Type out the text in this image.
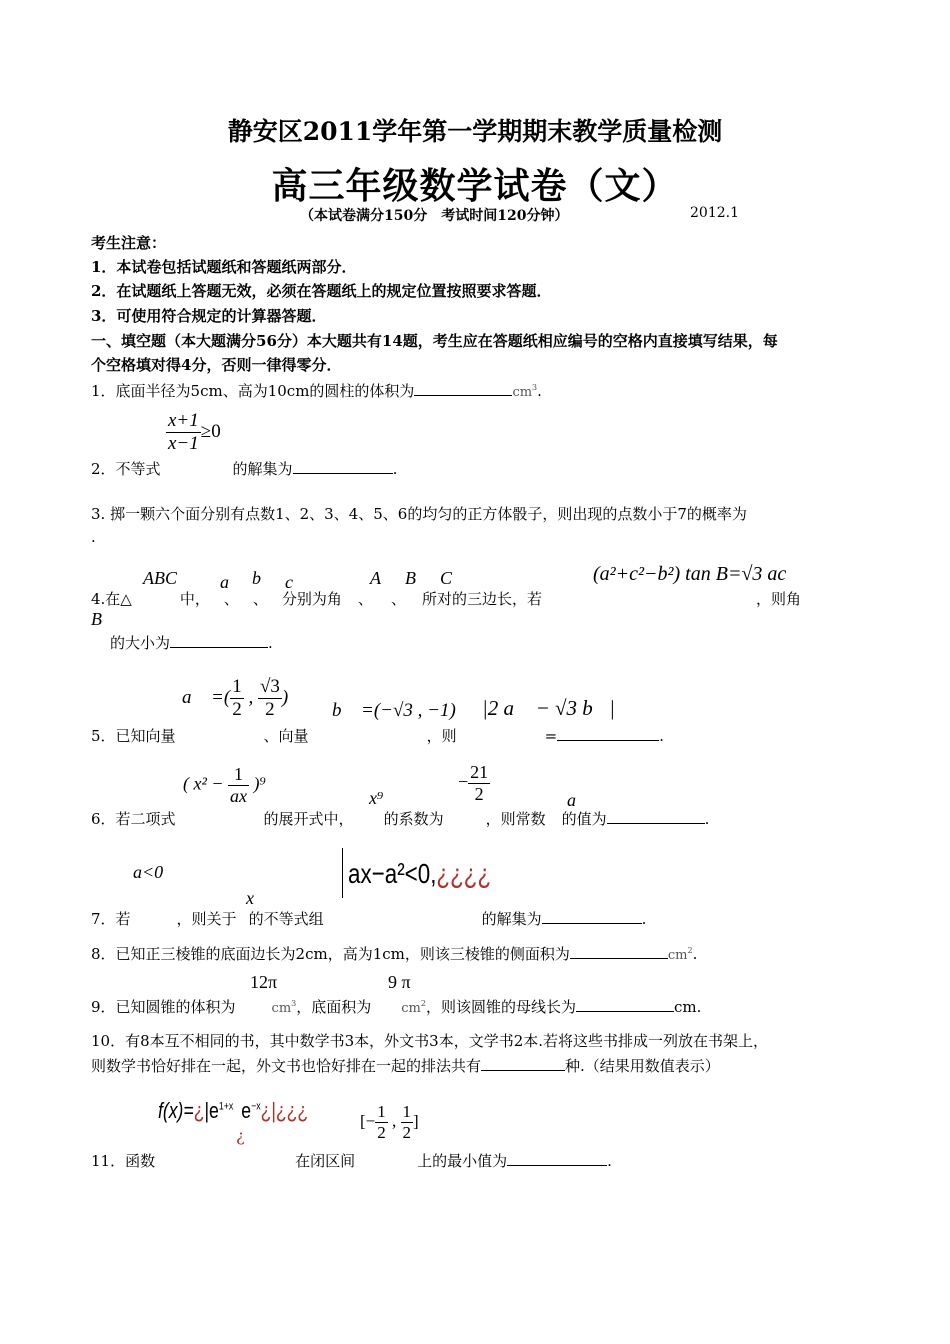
静安区2011学年第一学期期末教学质量检测
高三年级数学试卷（文）
（本试卷满分150分　考试时间120分钟）	2012.1
考生注意：
1．本试卷包括试题纸和答题纸两部分．
2．在试题纸上答题无效，必须在答题纸上的规定位置按照要求答题．
3．可使用符合规定的计算器答题．
一、填空题（本大题满分56分）本大题共有14题，考生应在答题纸相应编号的空格内直接填写结果，每
个空格填对得4分，否则一律得零分．
1．底面半径为5cm、高为10cm的圆柱的体积为	$cm^3$.
$\frac{x+1}{x-1} \ge 0$
2．不等式	的解集为	.
3. 掷一颗六个面分别有点数1、2、3、4、5、6的均匀的正方体骰子，则出现的点数小于7的概率为
.
ABC a b c	A B C	(a²+c²−b²) tan B=√3 ac
4.在△	中， 、 、 分别为角 、 、 所对的三边长，若	，则角
B
的大小为	.
a⃗ =( $\frac{1}{2}$ , $\frac{√3}{2}$ )
b⃗ =(−√3 , −1) |2 a⃗ − √3 b⃗|
5．已知向量	、向量	，则	=	.
( $x^2 - \frac{1}{ax} )^9$
x⁹
− $\frac{21}{2}$	a
6．若二项式	的展开式中， 的系数为	，则常数 的值为	.
a<0
x
ax−a²<0,¿¿¿¿
7．若	，则关于 的不等式组	的解集为	.
8．已知正三棱锥的底面边长为2cm，高为1cm，则该三棱锥的侧面积为	$cm^2$.
12π	9 π
9．已知圆锥的体积为	$cm^3$，底面积为 $cm^2$，则该圆锥的母线长为	cm.
10．有8本互不相同的书，其中数学书3本，外文书3本，文学书2本.若将这些书排成一列放在书架上，
则数学书恰好排在一起，外文书也恰好排在一起的排法共有	种.（结果用数值表示）
$f(x)=¿|e^{1+x}$ $e^{-x}¿|¿¿¿$
¿
[− $\frac{1}{2}$ , $\frac{1}{2}$ ]
11．函数	在闭区间	上的最小值为	.
